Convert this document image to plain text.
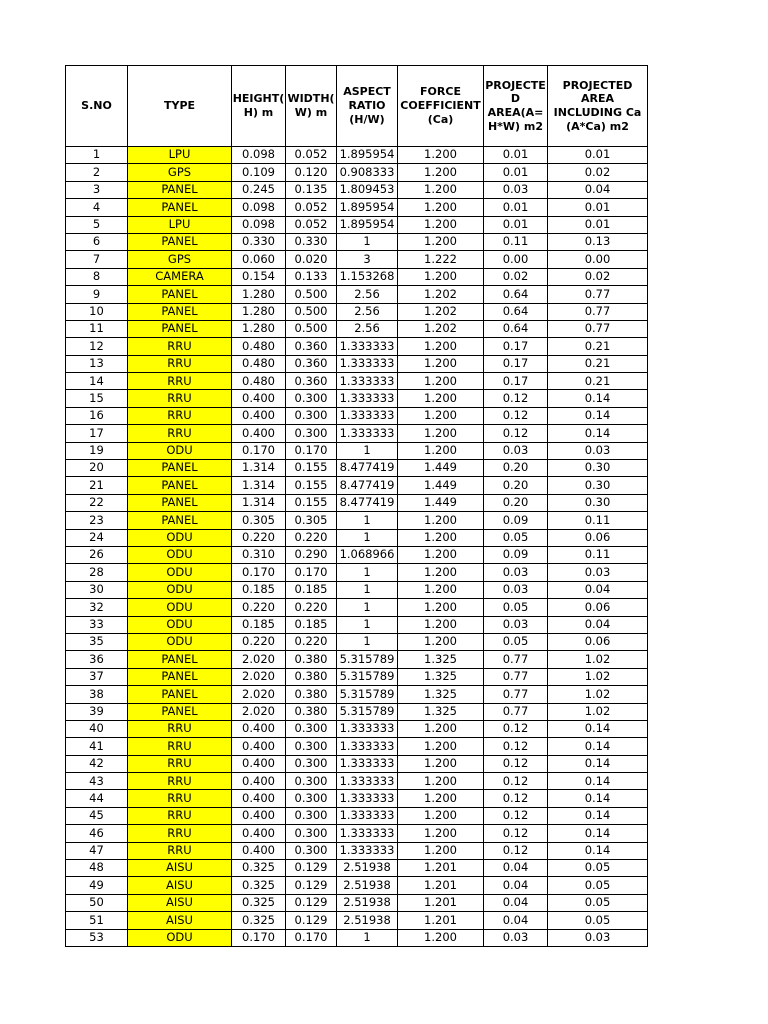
S.NO	TYPE	HEIGHT( H) m	WIDTH( W) m	ASPECT RATIO (H/W)	FORCE COEFFICIENT (Ca)	PROJECTE D AREA(A= H*W) m2	PROJECTED AREA INCLUDING Ca (A*Ca) m2
1	LPU	0.098	0.052	1.895954	1.200	0.01	0.01
2	GPS	0.109	0.120	0.908333	1.200	0.01	0.02
3	PANEL	0.245	0.135	1.809453	1.200	0.03	0.04
4	PANEL	0.098	0.052	1.895954	1.200	0.01	0.01
5	LPU	0.098	0.052	1.895954	1.200	0.01	0.01
6	PANEL	0.330	0.330	1	1.200	0.11	0.13
7	GPS	0.060	0.020	3	1.222	0.00	0.00
8	CAMERA	0.154	0.133	1.153268	1.200	0.02	0.02
9	PANEL	1.280	0.500	2.56	1.202	0.64	0.77
10	PANEL	1.280	0.500	2.56	1.202	0.64	0.77
11	PANEL	1.280	0.500	2.56	1.202	0.64	0.77
12	RRU	0.480	0.360	1.333333	1.200	0.17	0.21
13	RRU	0.480	0.360	1.333333	1.200	0.17	0.21
14	RRU	0.480	0.360	1.333333	1.200	0.17	0.21
15	RRU	0.400	0.300	1.333333	1.200	0.12	0.14
16	RRU	0.400	0.300	1.333333	1.200	0.12	0.14
17	RRU	0.400	0.300	1.333333	1.200	0.12	0.14
19	ODU	0.170	0.170	1	1.200	0.03	0.03
20	PANEL	1.314	0.155	8.477419	1.449	0.20	0.30
21	PANEL	1.314	0.155	8.477419	1.449	0.20	0.30
22	PANEL	1.314	0.155	8.477419	1.449	0.20	0.30
23	PANEL	0.305	0.305	1	1.200	0.09	0.11
24	ODU	0.220	0.220	1	1.200	0.05	0.06
26	ODU	0.310	0.290	1.068966	1.200	0.09	0.11
28	ODU	0.170	0.170	1	1.200	0.03	0.03
30	ODU	0.185	0.185	1	1.200	0.03	0.04
32	ODU	0.220	0.220	1	1.200	0.05	0.06
33	ODU	0.185	0.185	1	1.200	0.03	0.04
35	ODU	0.220	0.220	1	1.200	0.05	0.06
36	PANEL	2.020	0.380	5.315789	1.325	0.77	1.02
37	PANEL	2.020	0.380	5.315789	1.325	0.77	1.02
38	PANEL	2.020	0.380	5.315789	1.325	0.77	1.02
39	PANEL	2.020	0.380	5.315789	1.325	0.77	1.02
40	RRU	0.400	0.300	1.333333	1.200	0.12	0.14
41	RRU	0.400	0.300	1.333333	1.200	0.12	0.14
42	RRU	0.400	0.300	1.333333	1.200	0.12	0.14
43	RRU	0.400	0.300	1.333333	1.200	0.12	0.14
44	RRU	0.400	0.300	1.333333	1.200	0.12	0.14
45	RRU	0.400	0.300	1.333333	1.200	0.12	0.14
46	RRU	0.400	0.300	1.333333	1.200	0.12	0.14
47	RRU	0.400	0.300	1.333333	1.200	0.12	0.14
48	AISU	0.325	0.129	2.51938	1.201	0.04	0.05
49	AISU	0.325	0.129	2.51938	1.201	0.04	0.05
50	AISU	0.325	0.129	2.51938	1.201	0.04	0.05
51	AISU	0.325	0.129	2.51938	1.201	0.04	0.05
53	ODU	0.170	0.170	1	1.200	0.03	0.03
